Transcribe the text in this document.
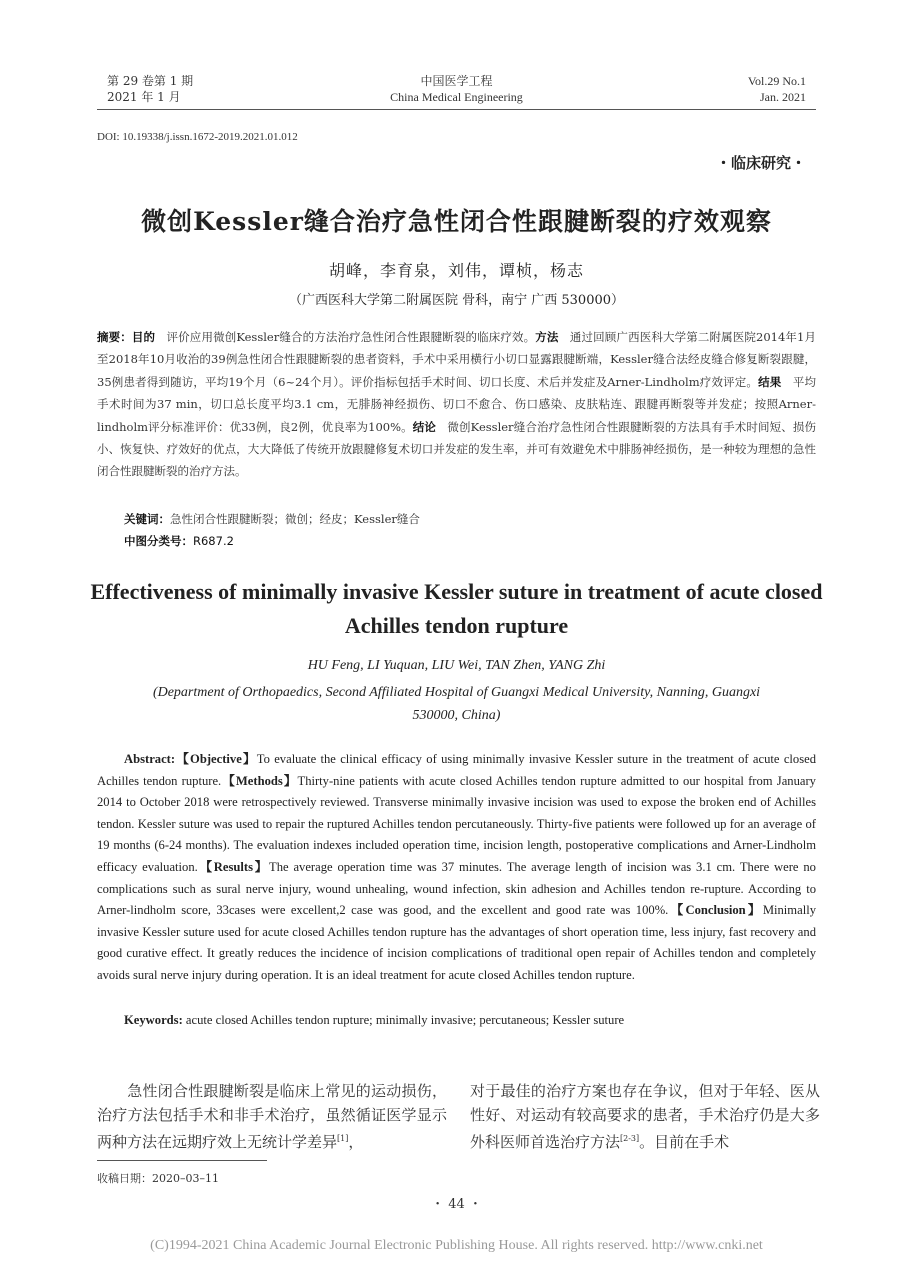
第 29 卷第 1 期
2021 年 1 月
中国医学工程
China Medical Engineering
Vol.29 No.1
Jan. 2021
DOI: 10.19338/j.issn.1672-2019.2021.01.012
・临床研究・
微创Kessler缝合治疗急性闭合性跟腱断裂的疗效观察
胡峰，李育泉，刘伟，谭桢，杨志
（广西医科大学第二附属医院 骨科，南宁 广西 530000）
摘要：目的 评价应用微创Kessler缝合的方法治疗急性闭合性跟腱断裂的临床疗效。方法 通过回顾广西医科大学第二附属医院2014年1月至2018年10月收治的39例急性闭合性跟腱断裂的患者资料，手术中采用横行小切口显露跟腱断端，Kessler缝合法经皮缝合修复断裂跟腱，35例患者得到随访，平均19个月（6~24个月）。评价指标包括手术时间、切口长度、术后并发症及Arner-Lindholm疗效评定。结果 平均手术时间为37 min，切口总长度平均3.1 cm，无腓肠神经损伤、切口不愈合、伤口感染、皮肤粘连、跟腱再断裂等并发症；按照Arner-lindholm评分标准评价：优33例，良2例，优良率为100%。结论 微创Kessler缝合治疗急性闭合性跟腱断裂的方法具有手术时间短、损伤小、恢复快、疗效好的优点，大大降低了传统开放跟腱修复术切口并发症的发生率，并可有效避免术中腓肠神经损伤，是一种较为理想的急性闭合性跟腱断裂的治疗方法。
关键词：急性闭合性跟腱断裂；微创；经皮；Kessler缝合
中图分类号：R687.2
Effectiveness of minimally invasive Kessler suture in treatment of acute closed Achilles tendon rupture
HU Feng, LI Yuquan, LIU Wei, TAN Zhen, YANG Zhi
(Department of Orthopaedics, Second Affiliated Hospital of Guangxi Medical University, Nanning, Guangxi 530000, China)
Abstract:【Objective】To evaluate the clinical efficacy of using minimally invasive Kessler suture in the treatment of acute closed Achilles tendon rupture.【Methods】Thirty-nine patients with acute closed Achilles tendon rupture admitted to our hospital from January 2014 to October 2018 were retrospectively reviewed. Transverse minimally invasive incision was used to expose the broken end of Achilles tendon. Kessler suture was used to repair the ruptured Achilles tendon percutaneously. Thirty-five patients were followed up for an average of 19 months (6-24 months). The evaluation indexes included operation time, incision length, postoperative complications and Arner-Lindholm efficacy evaluation.【Results】The average operation time was 37 minutes. The average length of incision was 3.1 cm. There were no complications such as sural nerve injury, wound unhealing, wound infection, skin adhesion and Achilles tendon re-rupture. According to Arner-lindholm score, 33cases were excellent,2 case was good, and the excellent and good rate was 100%.【Conclusion】Minimally invasive Kessler suture used for acute closed Achilles tendon rupture has the advantages of short operation time, less injury, fast recovery and good curative effect. It greatly reduces the incidence of incision complications of traditional open repair of Achilles tendon and completely avoids sural nerve injury during operation. It is an ideal treatment for acute closed Achilles tendon rupture.
Keywords: acute closed Achilles tendon rupture; minimally invasive; percutaneous; Kessler suture
急性闭合性跟腱断裂是临床上常见的运动损伤，治疗方法包括手术和非手术治疗，虽然循证医学显示两种方法在远期疗效上无统计学差异[1]，
对于最佳的治疗方案也存在争议，但对于年轻、医从性好、对运动有较高要求的患者，手术治疗仍是大多外科医师首选治疗方法[2-3]。目前在手术
收稿日期：2020–03–11
・ 44 ・
(C)1994-2021 China Academic Journal Electronic Publishing House. All rights reserved. http://www.cnki.net
